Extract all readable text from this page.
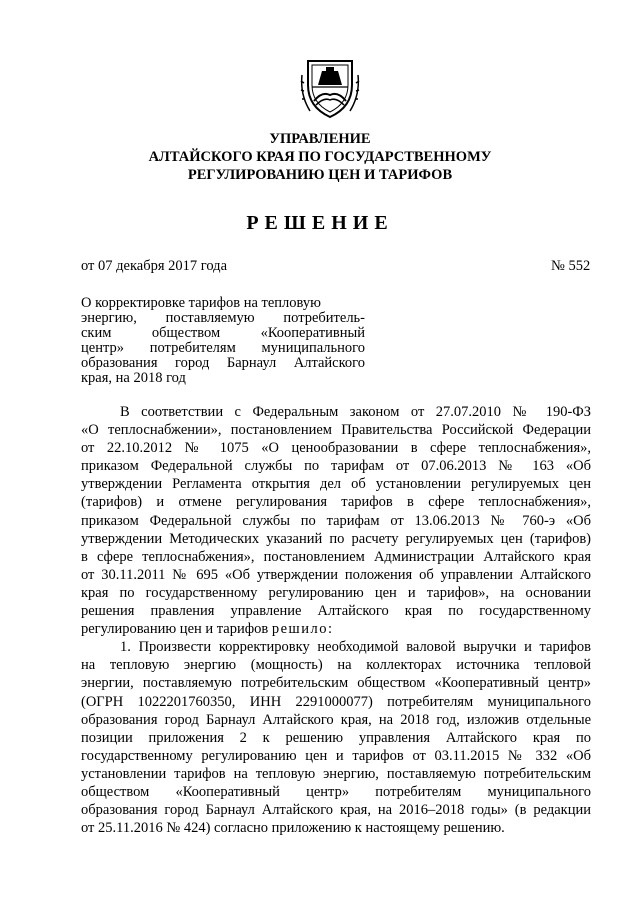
УПРАВЛЕНИЕ
АЛТАЙСКОГО КРАЯ ПО ГОСУДАРСТВЕННОМУ
РЕГУЛИРОВАНИЮ ЦЕН И ТАРИФОВ
РЕШЕНИЕ
от 07 декабря 2017 года	№ 552
О корректировке тарифов на тепловую
энергию, поставляемую потребитель-
ским обществом «Кооперативный
центр» потребителям муниципального
образования город Барнаул Алтайского
края, на 2018 год
В соответствии с Федеральным законом от 27.07.2010 № 190-ФЗ
«О теплоснабжении», постановлением Правительства Российской Федерации
от 22.10.2012 № 1075 «О ценообразовании в сфере теплоснабжения»,
приказом Федеральной службы по тарифам от 07.06.2013 № 163 «Об
утверждении Регламента открытия дел об установлении регулируемых цен
(тарифов) и отмене регулирования тарифов в сфере теплоснабжения»,
приказом Федеральной службы по тарифам от 13.06.2013 № 760-э «Об
утверждении Методических указаний по расчету регулируемых цен (тарифов)
в сфере теплоснабжения», постановлением Администрации Алтайского края
от 30.11.2011 № 695 «Об утверждении положения об управлении Алтайского
края по государственному регулированию цен и тарифов», на основании
решения правления управление Алтайского края по государственному
регулированию цен и тарифов решило:
1. Произвести корректировку необходимой валовой выручки и тарифов
на тепловую энергию (мощность) на коллекторах источника тепловой
энергии, поставляемую потребительским обществом «Кооперативный центр»
(ОГРН 1022201760350, ИНН 2291000077) потребителям муниципального
образования город Барнаул Алтайского края, на 2018 год, изложив отдельные
позиции приложения 2 к решению управления Алтайского края по
государственному регулированию цен и тарифов от 03.11.2015 № 332 «Об
установлении тарифов на тепловую энергию, поставляемую потребительским
обществом «Кооперативный центр» потребителям муниципального
образования город Барнаул Алтайского края, на 2016–2018 годы» (в редакции
от 25.11.2016 № 424) согласно приложению к настоящему решению.
